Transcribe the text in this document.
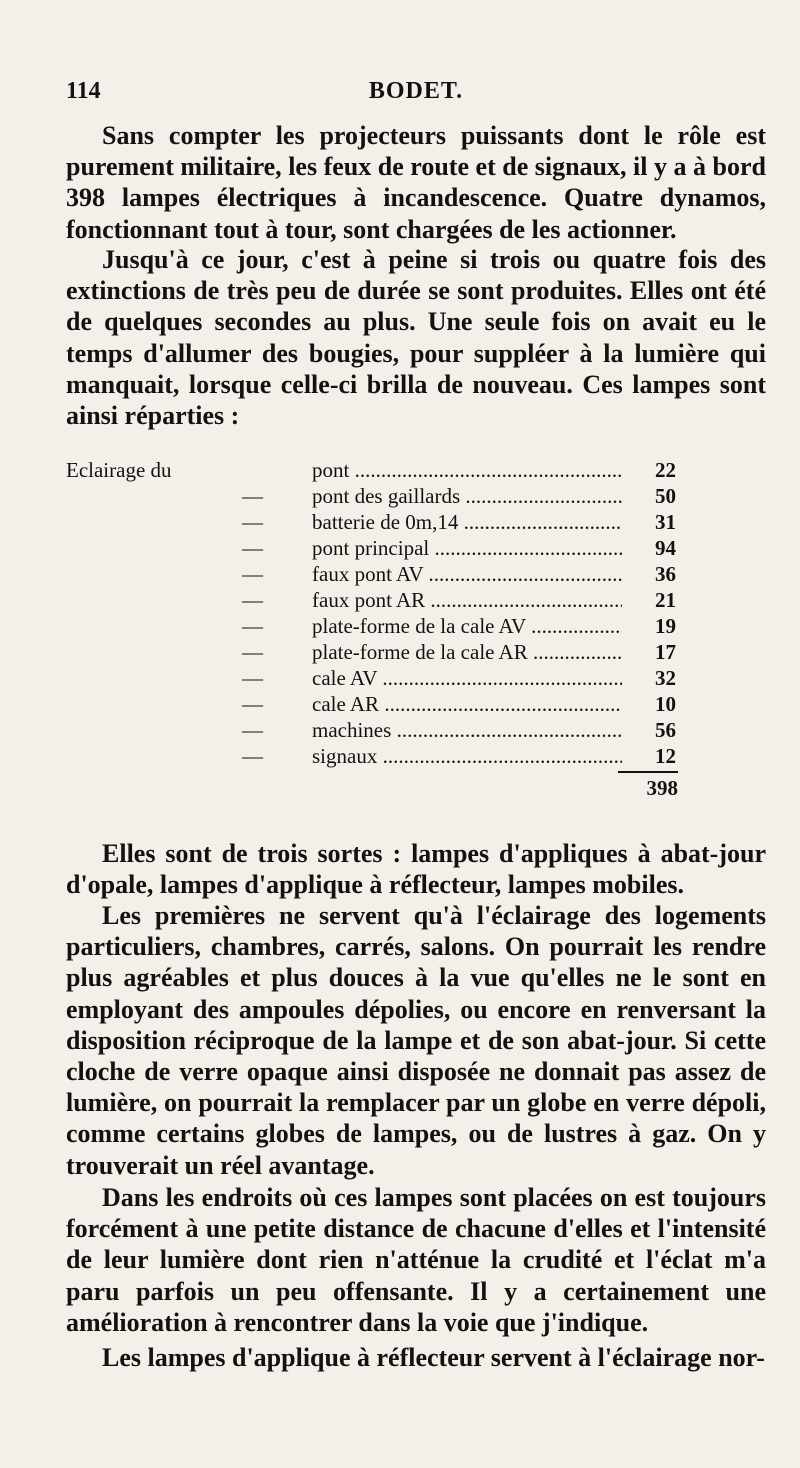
114	BODET.

Sans compter les projecteurs puissants dont le rôle est purement militaire, les feux de route et de signaux, il y a à bord 398 lampes électriques à incandescence. Quatre dynamos, fonctionnant tout à tour, sont chargées de les actionner.

Jusqu'à ce jour, c'est à peine si trois ou quatre fois des extinctions de très peu de durée se sont produites. Elles ont été de quelques secondes au plus. Une seule fois on avait eu le temps d'allumer des bougies, pour suppléer à la lumière qui manquait, lorsque celle-ci brilla de nouveau. Ces lampes sont ainsi réparties :

Eclairage du	pont .....	22
— pont des gaillards .....	50
— batterie de 0m,14 .....	31
— pont principal .....	94
— faux pont AV .....	36
— faux pont AR .....	21
— plate-forme de la cale AV .....	19
— plate-forme de la cale AR .....	17
— cale AV .....	32
— cale AR .....	10
— machines .....	56
— signaux .....	12
398

Elles sont de trois sortes : lampes d'appliques à abat-jour d'opale, lampes d'applique à réflecteur, lampes mobiles.

Les premières ne servent qu'à l'éclairage des logements particuliers, chambres, carrés, salons. On pourrait les rendre plus agréables et plus douces à la vue qu'elles ne le sont en employant des ampoules dépolies, ou encore en renversant la disposition réciproque de la lampe et de son abat-jour. Si cette cloche de verre opaque ainsi disposée ne donnait pas assez de lumière, on pourrait la remplacer par un globe en verre dépoli, comme certains globes de lampes, ou de lustres à gaz. On y trouverait un réel avantage.

Dans les endroits où ces lampes sont placées on est toujours forcément à une petite distance de chacune d'elles et l'intensité de leur lumière dont rien n'atténue la crudité et l'éclat m'a paru parfois un peu offensante. Il y a certainement une amélioration à rencontrer dans la voie que j'indique.

Les lampes d'applique à réflecteur servent à l'éclairage nor-
